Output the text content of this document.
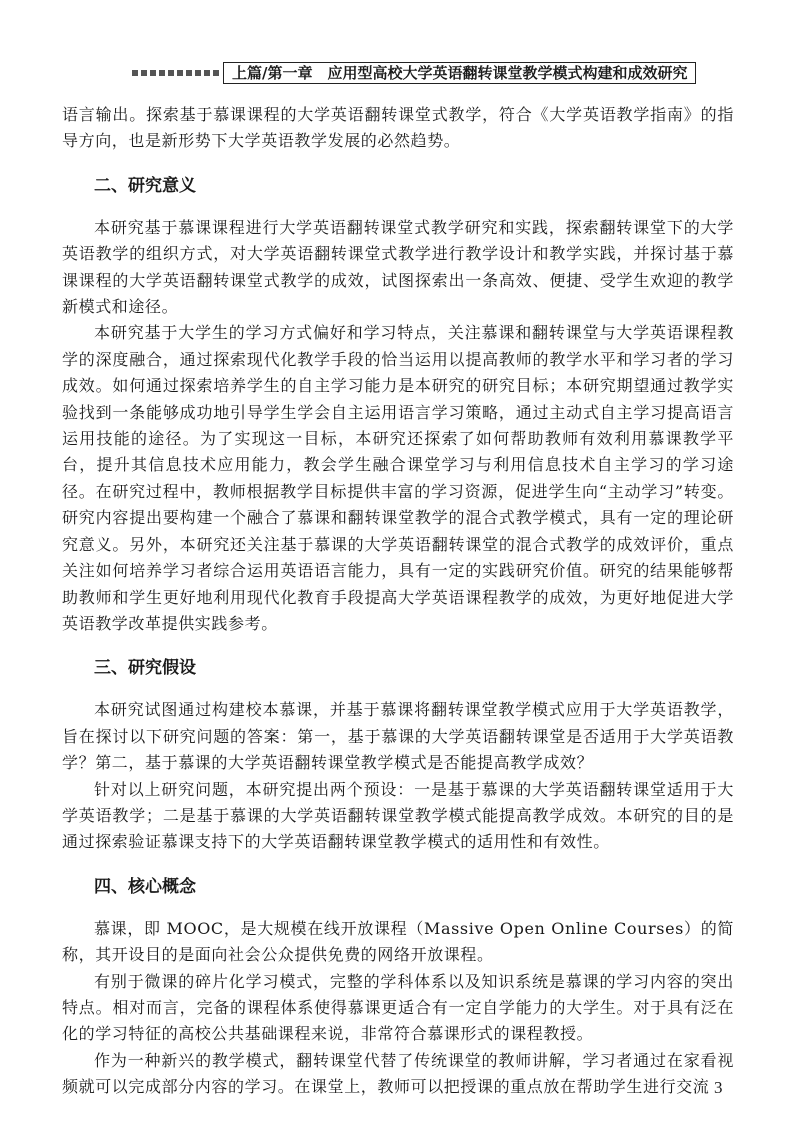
上篇/第一章　应用型高校大学英语翻转课堂教学模式构建和成效研究

语言输出。探索基于慕课课程的大学英语翻转课堂式教学，符合《大学英语教学指南》的指导方向，也是新形势下大学英语教学发展的必然趋势。

二、研究意义

本研究基于慕课课程进行大学英语翻转课堂式教学研究和实践，探索翻转课堂下的大学英语教学的组织方式，对大学英语翻转课堂式教学进行教学设计和教学实践，并探讨基于慕课课程的大学英语翻转课堂式教学的成效，试图探索出一条高效、便捷、受学生欢迎的教学新模式和途径。

本研究基于大学生的学习方式偏好和学习特点，关注慕课和翻转课堂与大学英语课程教学的深度融合，通过探索现代化教学手段的恰当运用以提高教师的教学水平和学习者的学习成效。如何通过探索培养学生的自主学习能力是本研究的研究目标；本研究期望通过教学实验找到一条能够成功地引导学生学会自主运用语言学习策略，通过主动式自主学习提高语言运用技能的途径。为了实现这一目标，本研究还探索了如何帮助教师有效利用慕课教学平台，提升其信息技术应用能力，教会学生融合课堂学习与利用信息技术自主学习的学习途径。在研究过程中，教师根据教学目标提供丰富的学习资源，促进学生向“主动学习”转变。研究内容提出要构建一个融合了慕课和翻转课堂教学的混合式教学模式，具有一定的理论研究意义。另外，本研究还关注基于慕课的大学英语翻转课堂的混合式教学的成效评价，重点关注如何培养学习者综合运用英语语言能力，具有一定的实践研究价值。研究的结果能够帮助教师和学生更好地利用现代化教育手段提高大学英语课程教学的成效，为更好地促进大学英语教学改革提供实践参考。

三、研究假设

本研究试图通过构建校本慕课，并基于慕课将翻转课堂教学模式应用于大学英语教学，旨在探讨以下研究问题的答案：第一，基于慕课的大学英语翻转课堂是否适用于大学英语教学？第二，基于慕课的大学英语翻转课堂教学模式是否能提高教学成效？

针对以上研究问题，本研究提出两个预设：一是基于慕课的大学英语翻转课堂适用于大学英语教学；二是基于慕课的大学英语翻转课堂教学模式能提高教学成效。本研究的目的是通过探索验证慕课支持下的大学英语翻转课堂教学模式的适用性和有效性。

四、核心概念

慕课，即 MOOC，是大规模在线开放课程（Massive Open Online Courses）的简称，其开设目的是面向社会公众提供免费的网络开放课程。

有别于微课的碎片化学习模式，完整的学科体系以及知识系统是慕课的学习内容的突出特点。相对而言，完备的课程体系使得慕课更适合有一定自学能力的大学生。对于具有泛在化的学习特征的高校公共基础课程来说，非常符合慕课形式的课程教授。

作为一种新兴的教学模式，翻转课堂代替了传统课堂的教师讲解，学习者通过在家看视频就可以完成部分内容的学习。在课堂上，教师可以把授课的重点放在帮助学生进行交流 3
